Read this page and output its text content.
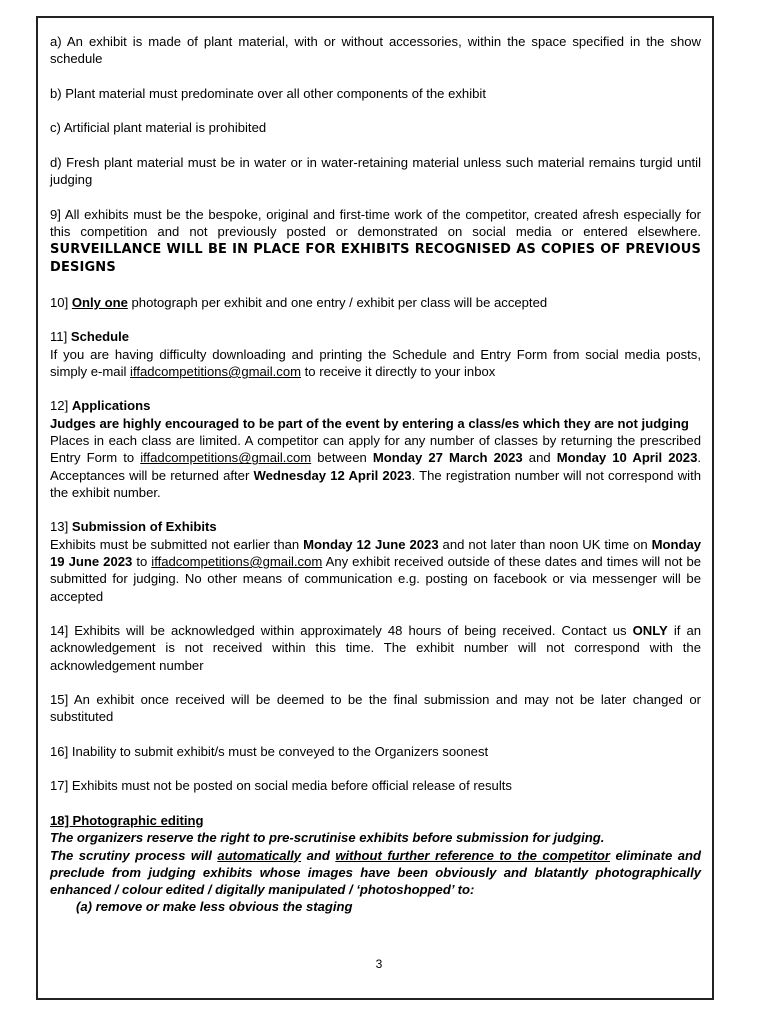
a) An exhibit is made of plant material, with or without accessories, within the space specified in the show schedule

b) Plant material must predominate over all other components of the exhibit

c) Artificial plant material is prohibited

d) Fresh plant material must be in water or in water-retaining material unless such material remains turgid until judging

9] All exhibits must be the bespoke, original and first-time work of the competitor, created afresh especially for this competition and not previously posted or demonstrated on social media or entered elsewhere. SURVEILLANCE WILL BE IN PLACE FOR EXHIBITS RECOGNISED AS COPIES OF PREVIOUS DESIGNS

10] Only one photograph per exhibit and one entry / exhibit per class will be accepted

11] Schedule
If you are having difficulty downloading and printing the Schedule and Entry Form from social media posts, simply e-mail iffadcompetitions@gmail.com to receive it directly to your inbox

12] Applications
Judges are highly encouraged to be part of the event by entering a class/es which they are not judging
Places in each class are limited. A competitor can apply for any number of classes by returning the prescribed Entry Form to iffadcompetitions@gmail.com between Monday 27 March 2023 and Monday 10 April 2023. Acceptances will be returned after Wednesday 12 April 2023. The registration number will not correspond with the exhibit number.

13] Submission of Exhibits
Exhibits must be submitted not earlier than Monday 12 June 2023 and not later than noon UK time on Monday 19 June 2023 to iffadcompetitions@gmail.com Any exhibit received outside of these dates and times will not be submitted for judging. No other means of communication e.g. posting on facebook or via messenger will be accepted

14] Exhibits will be acknowledged within approximately 48 hours of being received. Contact us ONLY if an acknowledgement is not received within this time. The exhibit number will not correspond with the acknowledgement number

15] An exhibit once received will be deemed to be the final submission and may not be later changed or substituted

16] Inability to submit exhibit/s must be conveyed to the Organizers soonest

17] Exhibits must not be posted on social media before official release of results

18] Photographic editing
The organizers reserve the right to pre-scrutinise exhibits before submission for judging.
The scrutiny process will automatically and without further reference to the competitor eliminate and preclude from judging exhibits whose images have been obviously and blatantly photographically enhanced / colour edited / digitally manipulated / ‘photoshopped’ to:
(a) remove or make less obvious the staging

3
